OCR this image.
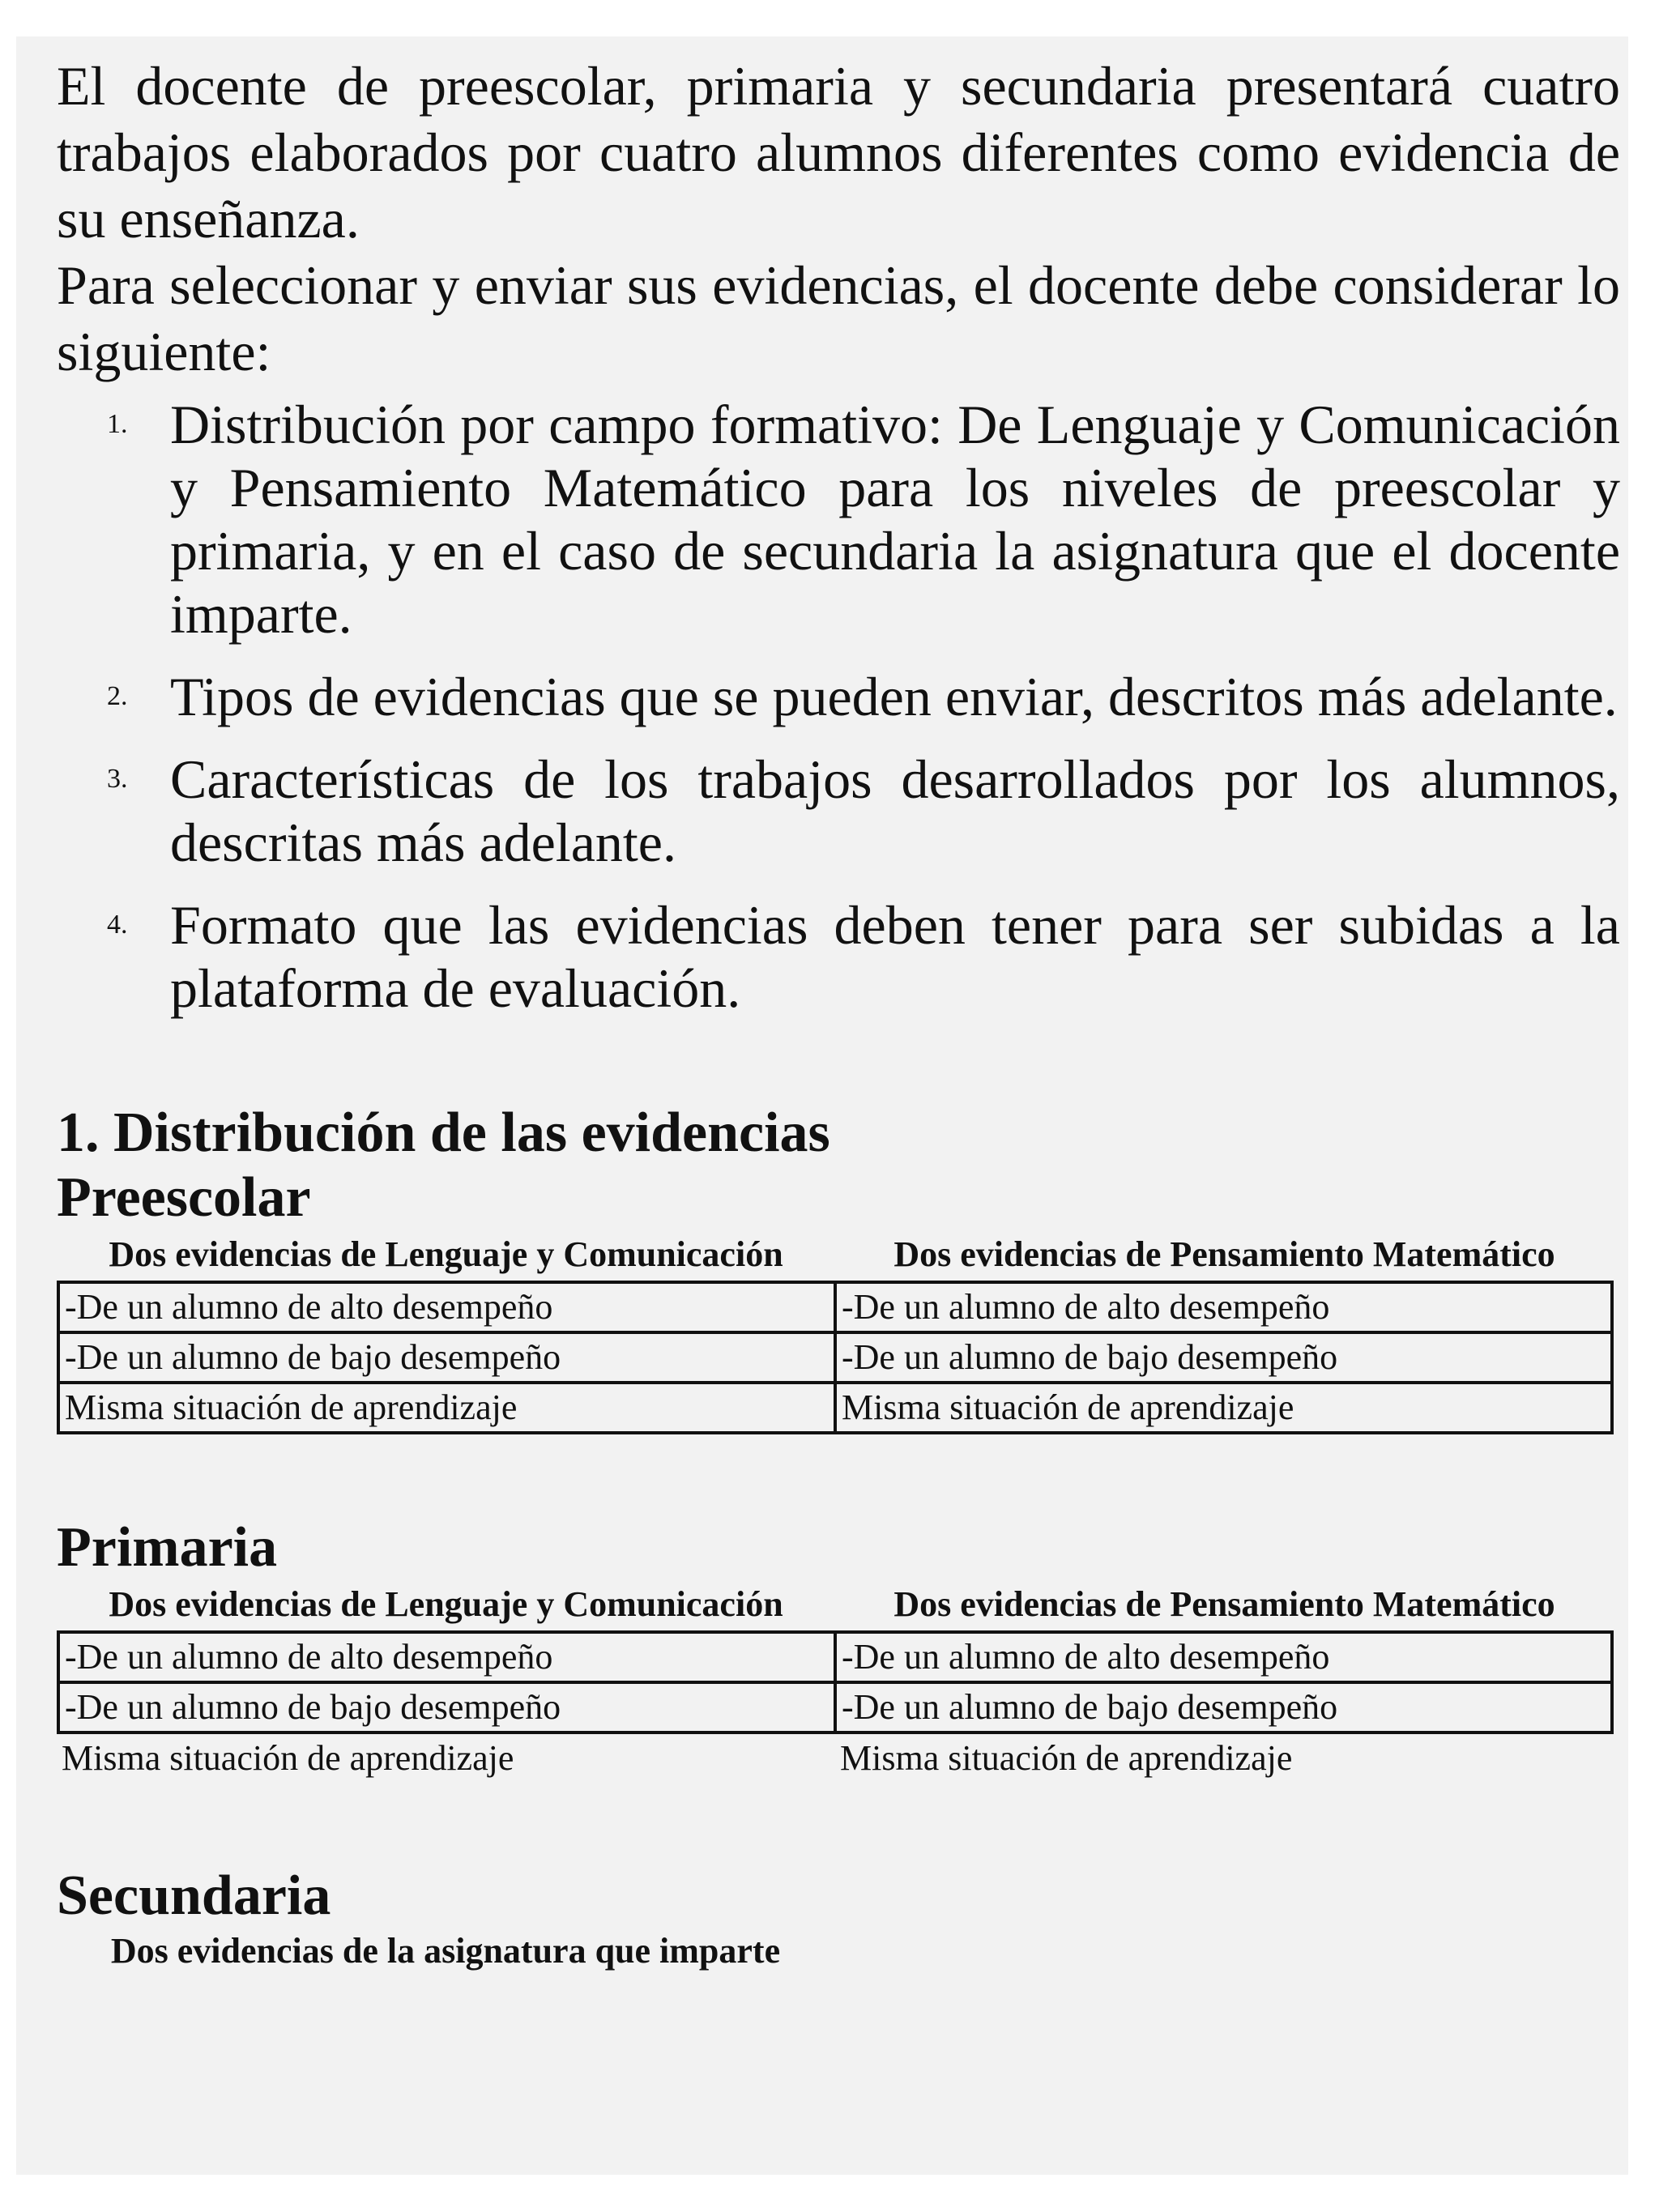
El docente de preescolar, primaria y secundaria presentará cuatro trabajos elaborados por cuatro alumnos diferentes como evidencia de su enseñanza.

Para seleccionar y enviar sus evidencias, el docente debe considerar lo siguiente:

1. Distribución por campo formativo: De Lenguaje y Comunicación y Pensamiento Matemático para los niveles de preescolar y primaria, y en el caso de secundaria la asignatura que el docente imparte.
2. Tipos de evidencias que se pueden enviar, descritos más adelante.
3. Características de los trabajos desarrollados por los alumnos, descritas más adelante.
4. Formato que las evidencias deben tener para ser subidas a la plataforma de evaluación.
1. Distribución de las evidencias
Preescolar
Dos evidencias de Lenguaje y Comunicación	Dos evidencias de Pensamiento Matemático
-De un alumno de alto desempeño	-De un alumno de alto desempeño
-De un alumno de bajo desempeño	-De un alumno de bajo desempeño
Misma situación de aprendizaje	Misma situación de aprendizaje
Primaria
Dos evidencias de Lenguaje y Comunicación	Dos evidencias de Pensamiento Matemático
-De un alumno de alto desempeño	-De un alumno de alto desempeño
-De un alumno de bajo desempeño	-De un alumno de bajo desempeño
Misma situación de aprendizaje	Misma situación de aprendizaje
Secundaria
Dos evidencias de la asignatura que imparte
